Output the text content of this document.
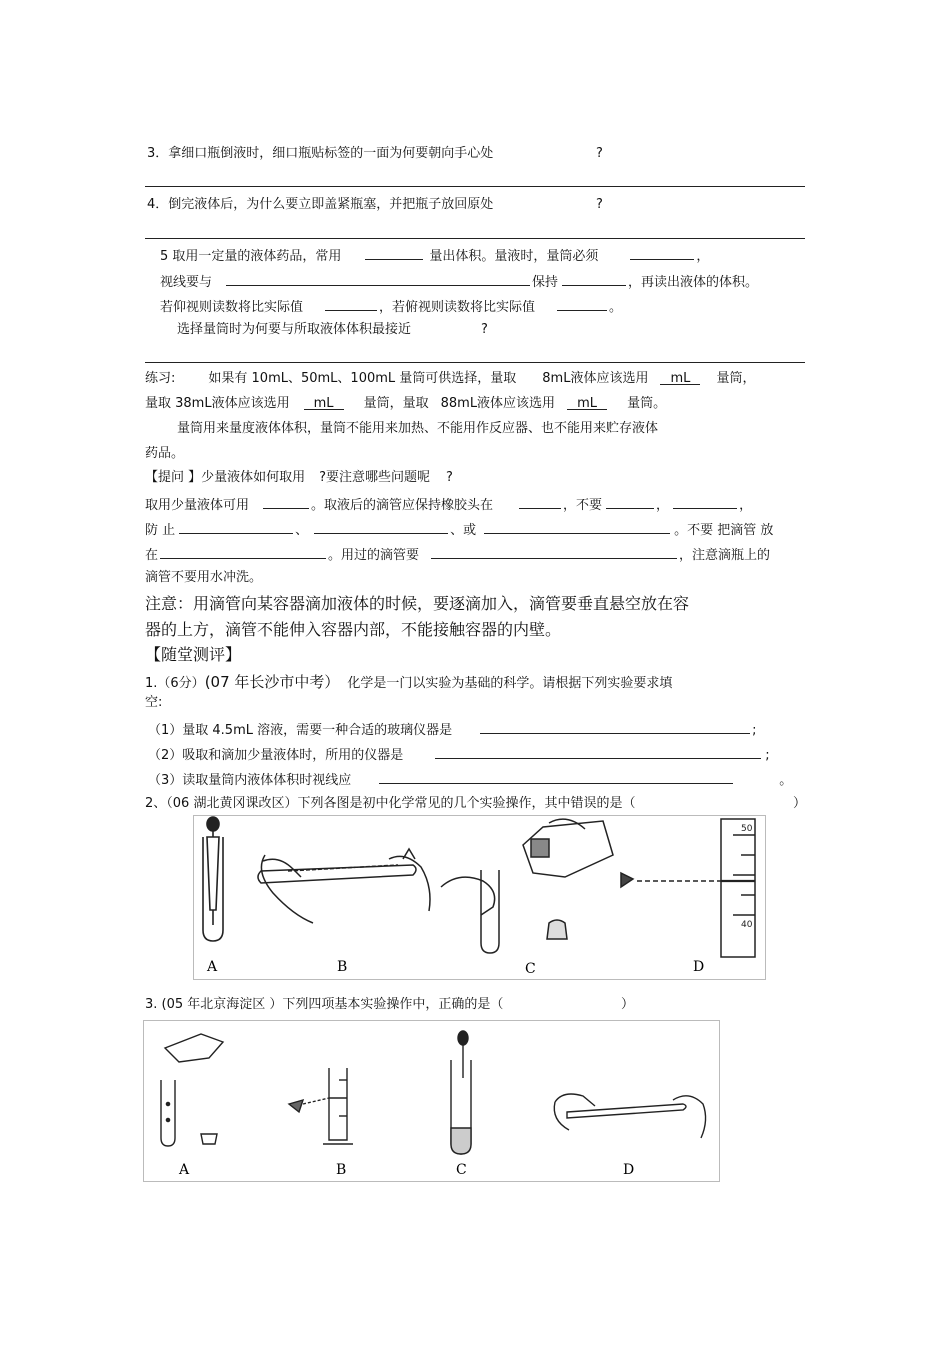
3．拿细口瓶倒液时，细口瓶贴标签的一面为何要朝向手心处	?
4．倒完液体后，为什么要立即盖紧瓶塞，并把瓶子放回原处	?
5 取用一定量的液体药品，常用	量出体积。量液时，量筒必须	，
视线要与	保持	，再读出液体的体积。
若仰视则读数将比实际值	，若俯视则读数将比实际值	。
选择量筒时为何要与所取液体体积最接近	?
练习:	如果有 10mL、50mL、100mL 量筒可供选择，量取 8mL液体应该选用 mL 量筒，
量取 38mL液体应该选用 mL 量筒，量取 88mL液体应该选用 mL 量筒。
量筒用来量度液体体积，量筒不能用来加热、不能用作反应器、也不能用来贮存液体
药品。
【提问 】少量液体如何取用 ?要注意哪些问题呢 ?
取用少量液体可用	。取液后的滴管应保持橡胶头在	，不要	，	，
防 止	、	、或	。不要 把滴管 放
在	。用过的滴管要	，注意滴瓶上的
滴管不要用水冲洗。
注意：用滴管向某容器滴加液体的时候，要逐滴加入，滴管要垂直悬空放在容
器的上方，滴管不能伸入容器内部，不能接触容器的内壁。
【随堂测评】
1.（6分）(07 年长沙市中考） 化学是一门以实验为基础的科学。请根据下列实验要求填
空:
（1）量取 4.5mL 溶液，需要一种合适的玻璃仪器是	;
（2）吸取和滴加少量液体时，所用的仪器是	;
（3）读取量筒内液体体积时视线应	。
2、（06 湖北黄冈课改区）下列各图是初中化学常见的几个实验操作，其中错误的是（	）
50
40
A	B	C	D
3. (05 年北京海淀区 ）下列四项基本实验操作中，正确的是（	）
A	B	C	D
